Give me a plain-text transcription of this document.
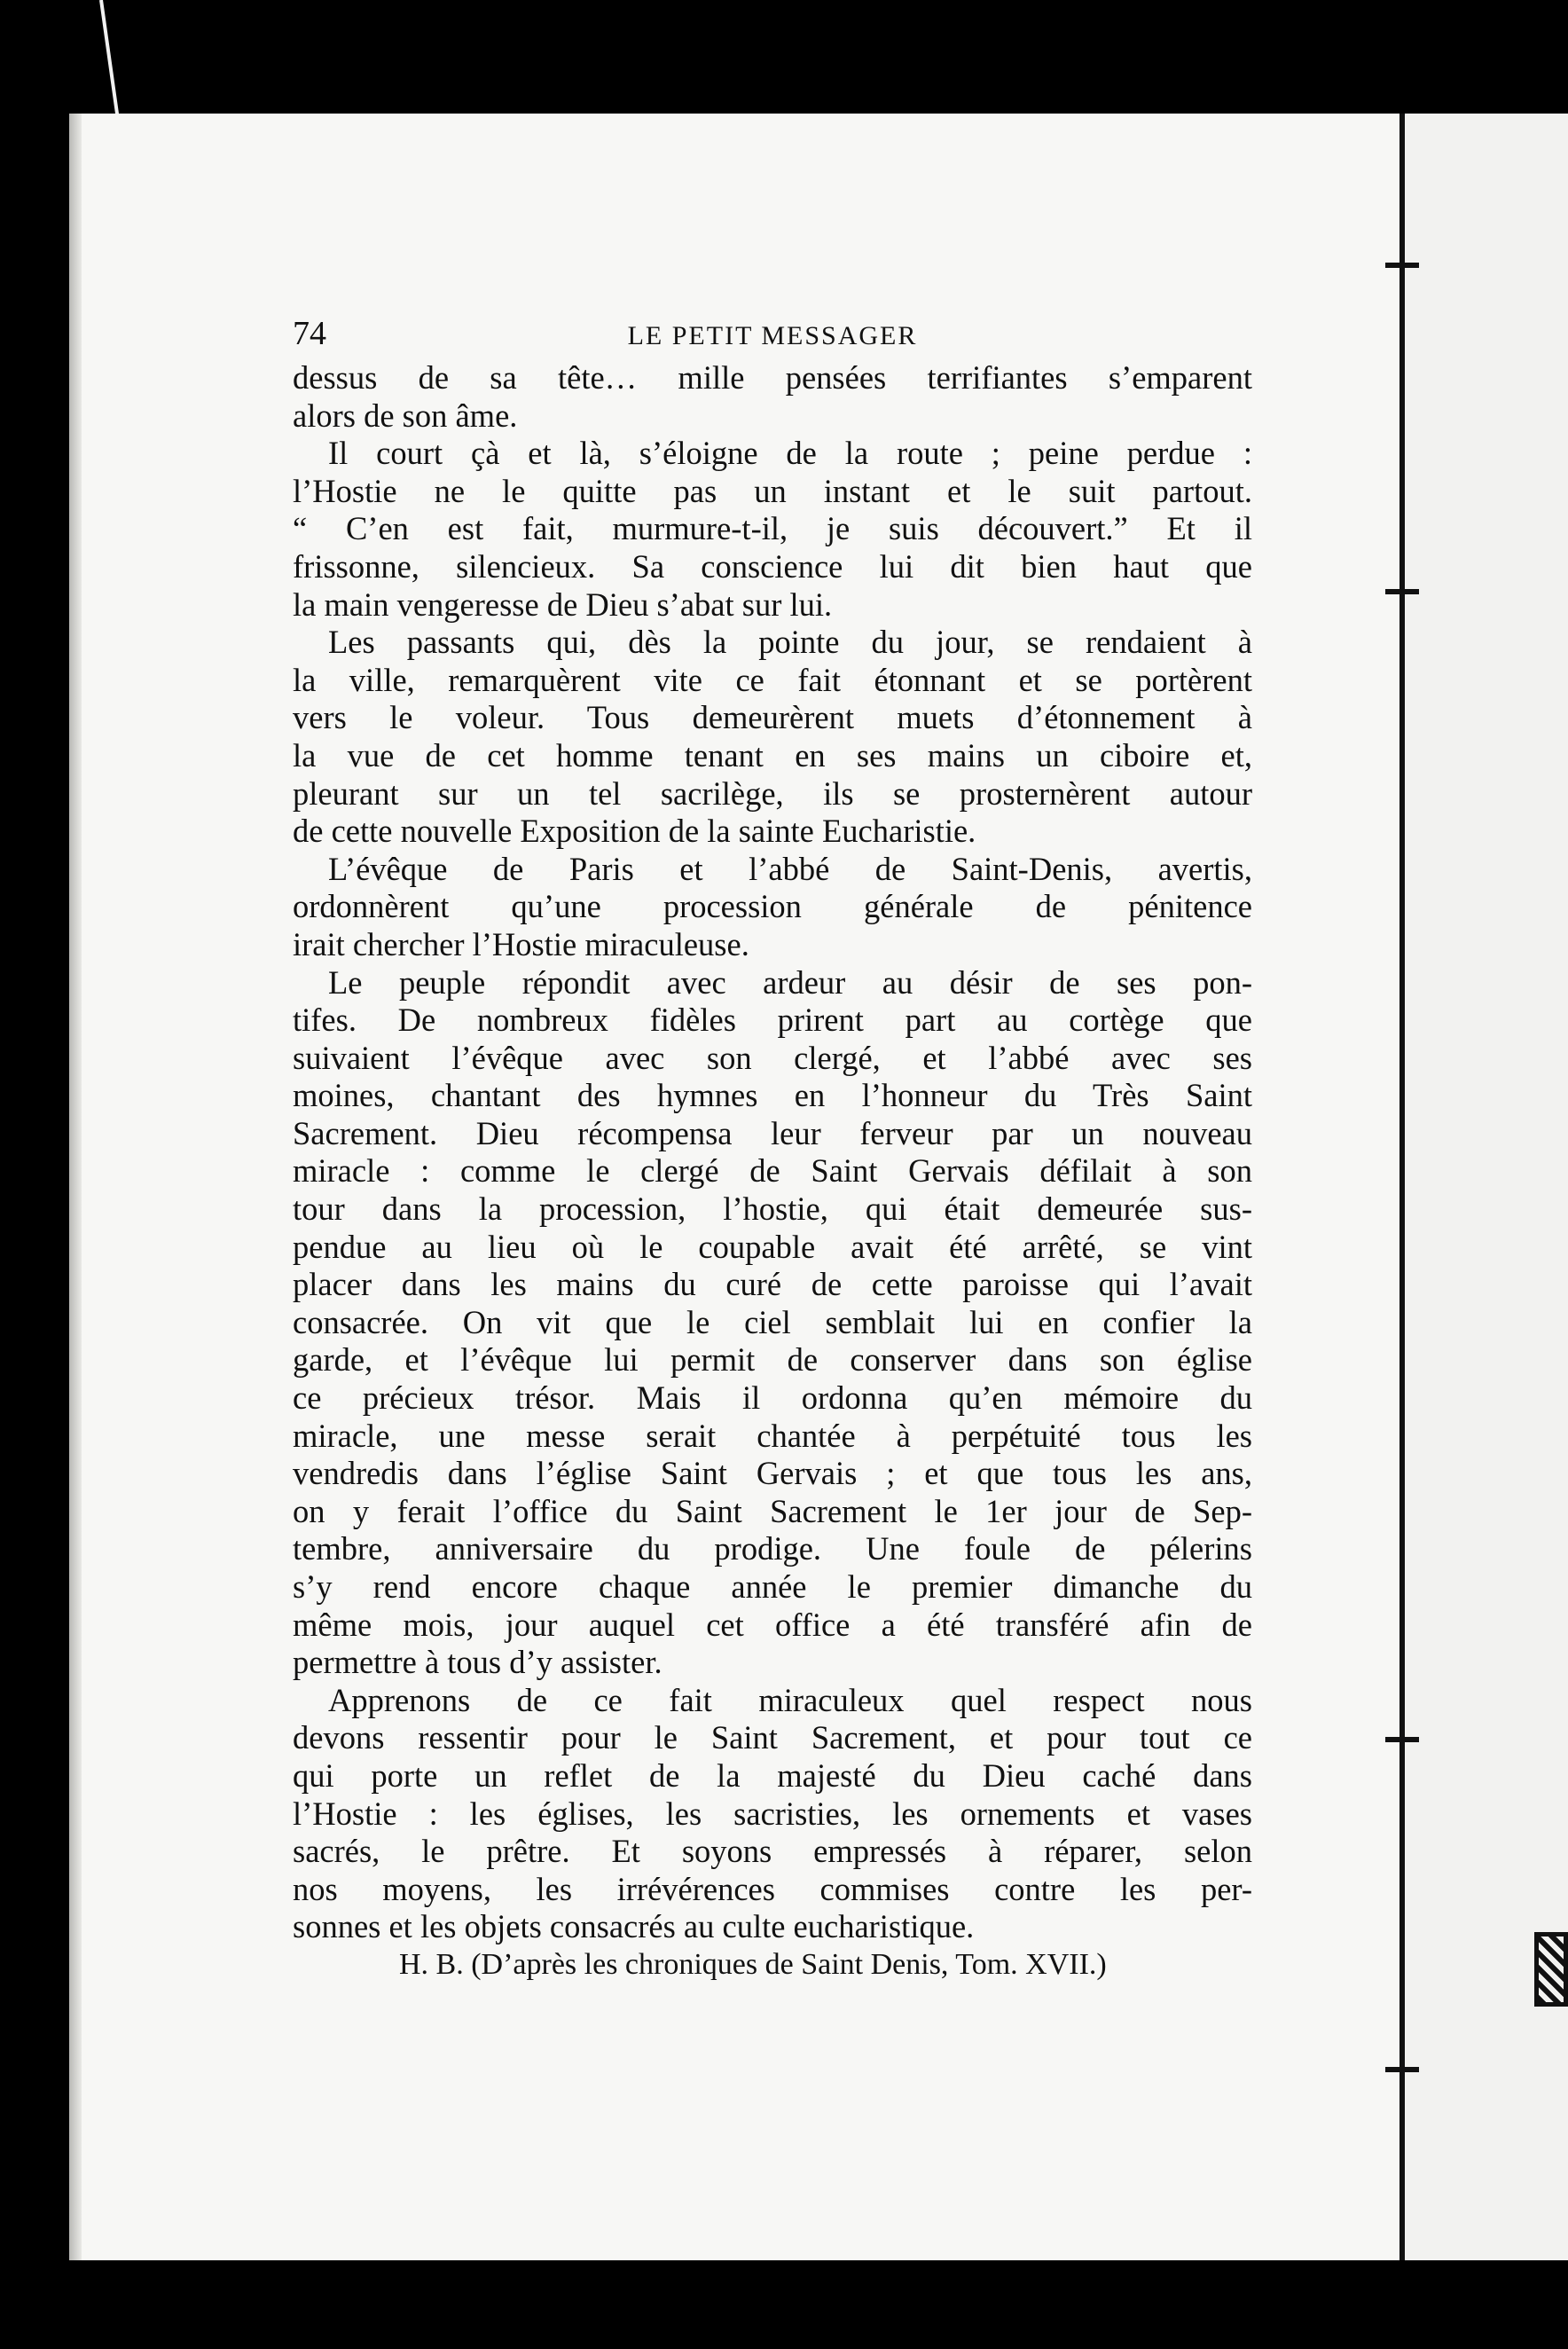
74	LE PETIT MESSAGER
dessus de sa tête… mille pensées terrifiantes s’emparent
alors de son âme.
Il court çà et là, s’éloigne de la route ; peine perdue :
l’Hostie ne le quitte pas un instant et le suit partout.
“ C’en est fait, murmure-t-il, je suis découvert.” Et il
frissonne, silencieux. Sa conscience lui dit bien haut que
la main vengeresse de Dieu s’abat sur lui.
Les passants qui, dès la pointe du jour, se rendaient à
la ville, remarquèrent vite ce fait étonnant et se portèrent
vers le voleur. Tous demeurèrent muets d’étonnement à
la vue de cet homme tenant en ses mains un ciboire et,
pleurant sur un tel sacrilège, ils se prosternèrent autour
de cette nouvelle Exposition de la sainte Eucharistie.
L’évêque de Paris et l’abbé de Saint-Denis, avertis,
ordonnèrent qu’une procession générale de pénitence
irait chercher l’Hostie miraculeuse.
Le peuple répondit avec ardeur au désir de ses pon-
tifes. De nombreux fidèles prirent part au cortège que
suivaient l’évêque avec son clergé, et l’abbé avec ses
moines, chantant des hymnes en l’honneur du Très Saint
Sacrement. Dieu récompensa leur ferveur par un nouveau
miracle : comme le clergé de Saint Gervais défilait à son
tour dans la procession, l’hostie, qui était demeurée sus-
pendue au lieu où le coupable avait été arrêté, se vint
placer dans les mains du curé de cette paroisse qui l’avait
consacrée. On vit que le ciel semblait lui en confier la
garde, et l’évêque lui permit de conserver dans son église
ce précieux trésor. Mais il ordonna qu’en mémoire du
miracle, une messe serait chantée à perpétuité tous les
vendredis dans l’église Saint Gervais ; et que tous les ans,
on y ferait l’office du Saint Sacrement le 1er jour de Sep-
tembre, anniversaire du prodige. Une foule de pélerins
s’y rend encore chaque année le premier dimanche du
même mois, jour auquel cet office a été transféré afin de
permettre à tous d’y assister.
Apprenons de ce fait miraculeux quel respect nous
devons ressentir pour le Saint Sacrement, et pour tout ce
qui porte un reflet de la majesté du Dieu caché dans
l’Hostie : les églises, les sacristies, les ornements et vases
sacrés, le prêtre. Et soyons empressés à réparer, selon
nos moyens, les irrévérences commises contre les per-
sonnes et les objets consacrés au culte eucharistique.
H. B. (D’après les chroniques de Saint Denis, Tom. XVII.)
